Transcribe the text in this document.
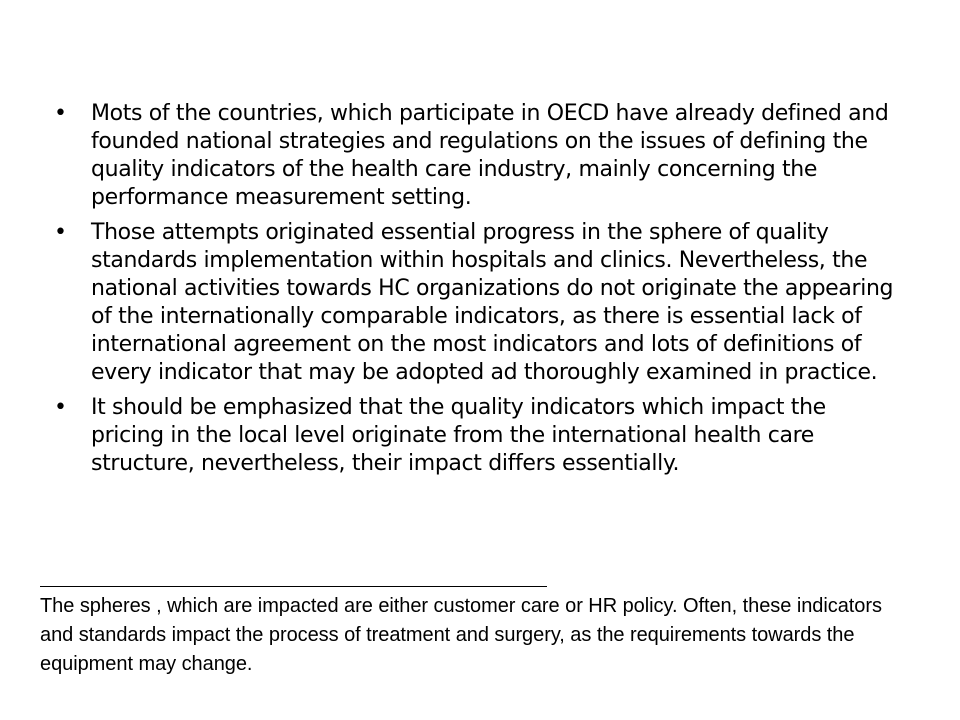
•	Mots of the countries, which participate in OECD have already defined and founded national strategies and regulations on the issues of defining the quality indicators of the health care industry, mainly concerning the performance measurement setting.
•	Those attempts originated essential progress in the sphere of quality standards implementation within hospitals and clinics. Nevertheless, the national activities towards HC organizations do not originate the appearing of the internationally comparable indicators, as there is essential lack of international agreement on the most indicators and lots of definitions of every indicator that may be adopted ad thoroughly examined in practice.
•	It should be emphasized that the quality indicators which impact the pricing in the local level originate from the international health care structure, nevertheless, their impact differs essentially.

The spheres , which are impacted are either customer care or HR policy. Often, these indicators and standards impact the process of treatment and surgery, as the requirements towards the equipment may change.
